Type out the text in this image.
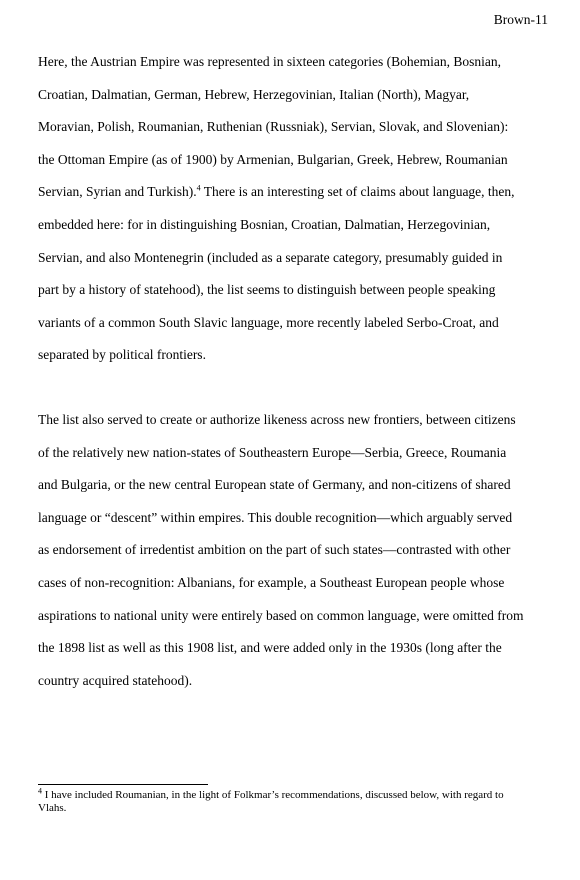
Brown-11
Here, the Austrian Empire was represented in sixteen categories (Bohemian, Bosnian,
Croatian, Dalmatian, German, Hebrew, Herzegovinian, Italian (North), Magyar,
Moravian, Polish, Roumanian, Ruthenian (Russniak), Servian, Slovak, and Slovenian):
the Ottoman Empire (as of 1900) by Armenian, Bulgarian, Greek, Hebrew, Roumanian
Servian, Syrian and Turkish).$^4$ There is an interesting set of claims about language, then,
embedded here: for in distinguishing Bosnian, Croatian, Dalmatian, Herzegovinian,
Servian, and also Montenegrin (included as a separate category, presumably guided in
part by a history of statehood), the list seems to distinguish between people speaking
variants of a common South Slavic language, more recently labeled Serbo-Croat, and
separated by political frontiers.
The list also served to create or authorize likeness across new frontiers, between citizens
of the relatively new nation-states of Southeastern Europe—Serbia, Greece, Roumania
and Bulgaria, or the new central European state of Germany, and non-citizens of shared
language or “descent” within empires. This double recognition—which arguably served
as endorsement of irredentist ambition on the part of such states—contrasted with other
cases of non-recognition: Albanians, for example, a Southeast European people whose
aspirations to national unity were entirely based on common language, were omitted from
the 1898 list as well as this 1908 list, and were added only in the 1930s (long after the
country acquired statehood).
$^4$ I have included Roumanian, in the light of Folkmar’s recommendations, discussed below, with regard to
Vlahs.
